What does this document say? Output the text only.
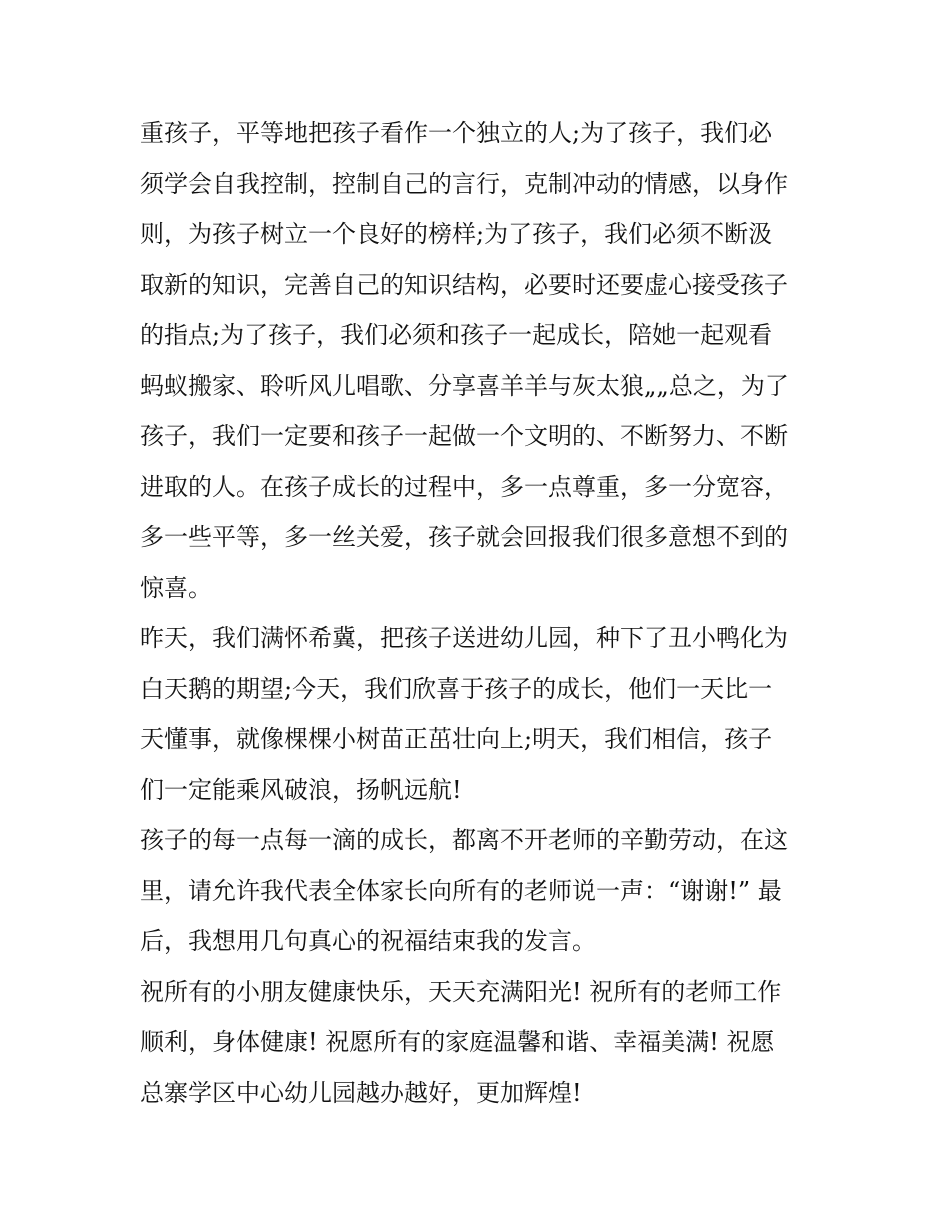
重孩子，平等地把孩子看作一个独立的人;为了孩子，我们必
须学会自我控制，控制自己的言行，克制冲动的情感，以身作
则，为孩子树立一个良好的榜样;为了孩子，我们必须不断汲
取新的知识，完善自己的知识结构，必要时还要虚心接受孩子
的指点;为了孩子，我们必须和孩子一起成长，陪她一起观看
蚂蚁搬家、聆听风儿唱歌、分享喜羊羊与灰太狼„„总之，为了
孩子，我们一定要和孩子一起做一个文明的、不断努力、不断
进取的人。在孩子成长的过程中，多一点尊重，多一分宽容，
多一些平等，多一丝关爱，孩子就会回报我们很多意想不到的
惊喜。
昨天，我们满怀希冀，把孩子送进幼儿园，种下了丑小鸭化为
白天鹅的期望;今天，我们欣喜于孩子的成长，他们一天比一
天懂事，就像棵棵小树苗正茁壮向上;明天，我们相信，孩子
们一定能乘风破浪，扬帆远航!
孩子的每一点每一滴的成长，都离不开老师的辛勤劳动，在这
里，请允许我代表全体家长向所有的老师说一声：“谢谢!” 最
后，我想用几句真心的祝福结束我的发言。
祝所有的小朋友健康快乐，天天充满阳光! 祝所有的老师工作
顺利，身体健康! 祝愿所有的家庭温馨和谐、幸福美满! 祝愿
总寨学区中心幼儿园越办越好，更加辉煌!
